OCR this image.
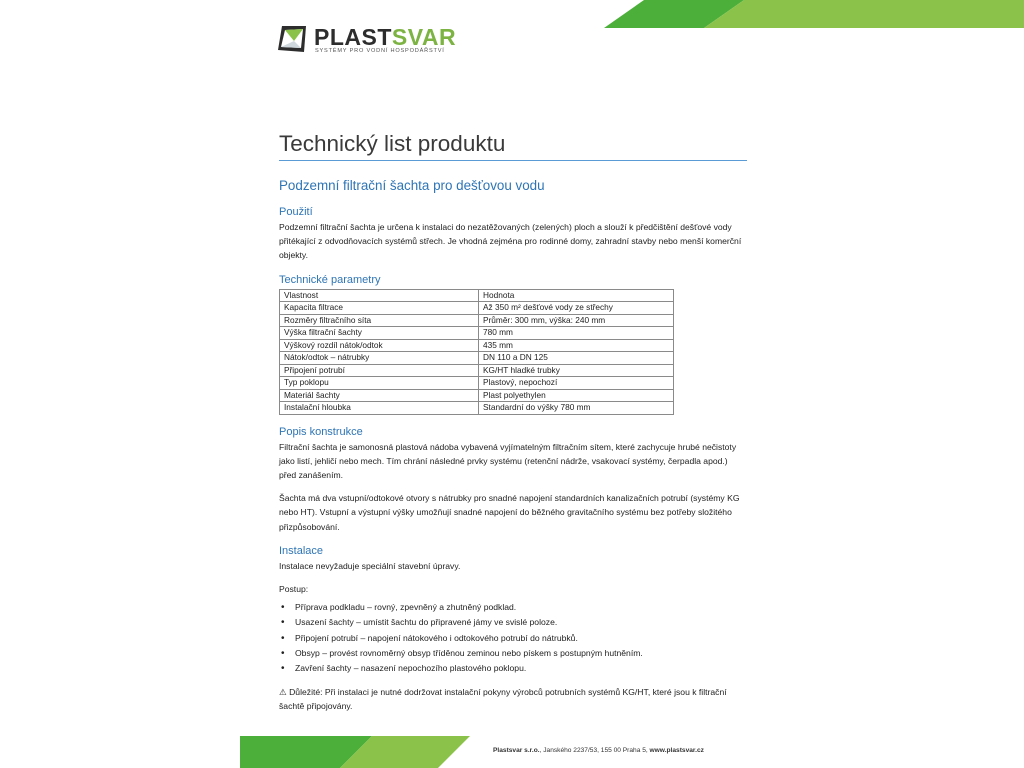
PLASTSVAR
SYSTÉMY PRO VODNÍ HOSPODÁŘSTVÍ
Technický list produktu
Podzemní filtrační šachta pro dešťovou vodu
Použití

Podzemní filtrační šachta je určena k instalaci do nezatěžovaných (zelených) ploch a slouží k předčištění dešťové vody přitékající z odvodňovacích systémů střech. Je vhodná zejména pro rodinné domy, zahradní stavby nebo menší komerční objekty.

Technické parametry
Vlastnost	Hodnota
Kapacita filtrace	Až 350 m² dešťové vody ze střechy
Rozměry filtračního síta	Průměr: 300 mm, výška: 240 mm
Výška filtrační šachty	780 mm
Výškový rozdíl nátok/odtok	435 mm
Nátok/odtok – nátrubky	DN 110 a DN 125
Připojení potrubí	KG/HT hladké trubky
Typ poklopu	Plastový, nepochozí
Materiál šachty	Plast polyethylen
Instalační hloubka	Standardní do výšky 780 mm
Popis konstrukce

Filtrační šachta je samonosná plastová nádoba vybavená vyjímatelným filtračním sítem, které zachycuje hrubé nečistoty jako listí, jehličí nebo mech. Tím chrání následné prvky systému (retenční nádrže, vsakovací systémy, čerpadla apod.) před zanášením.

Šachta má dva vstupní/odtokové otvory s nátrubky pro snadné napojení standardních kanalizačních potrubí (systémy KG nebo HT). Vstupní a výstupní výšky umožňují snadné napojení do běžného gravitačního systému bez potřeby složitého přizpůsobování.

Instalace

Instalace nevyžaduje speciální stavební úpravy.

Postup:

• Příprava podkladu – rovný, zpevněný a zhutněný podklad.
• Usazení šachty – umístit šachtu do připravené jámy ve svislé poloze.
• Připojení potrubí – napojení nátokového i odtokového potrubí do nátrubků.
• Obsyp – provést rovnoměrný obsyp tříděnou zeminou nebo pískem s postupným hutněním.
• Zavření šachty – nasazení nepochozího plastového poklopu.

⚠ Důležité: Při instalaci je nutné dodržovat instalační pokyny výrobců potrubních systémů KG/HT, které jsou k filtrační šachtě připojovány.

Plastsvar s.r.o., Janského 2237/53, 155 00 Praha 5, www.plastsvar.cz
